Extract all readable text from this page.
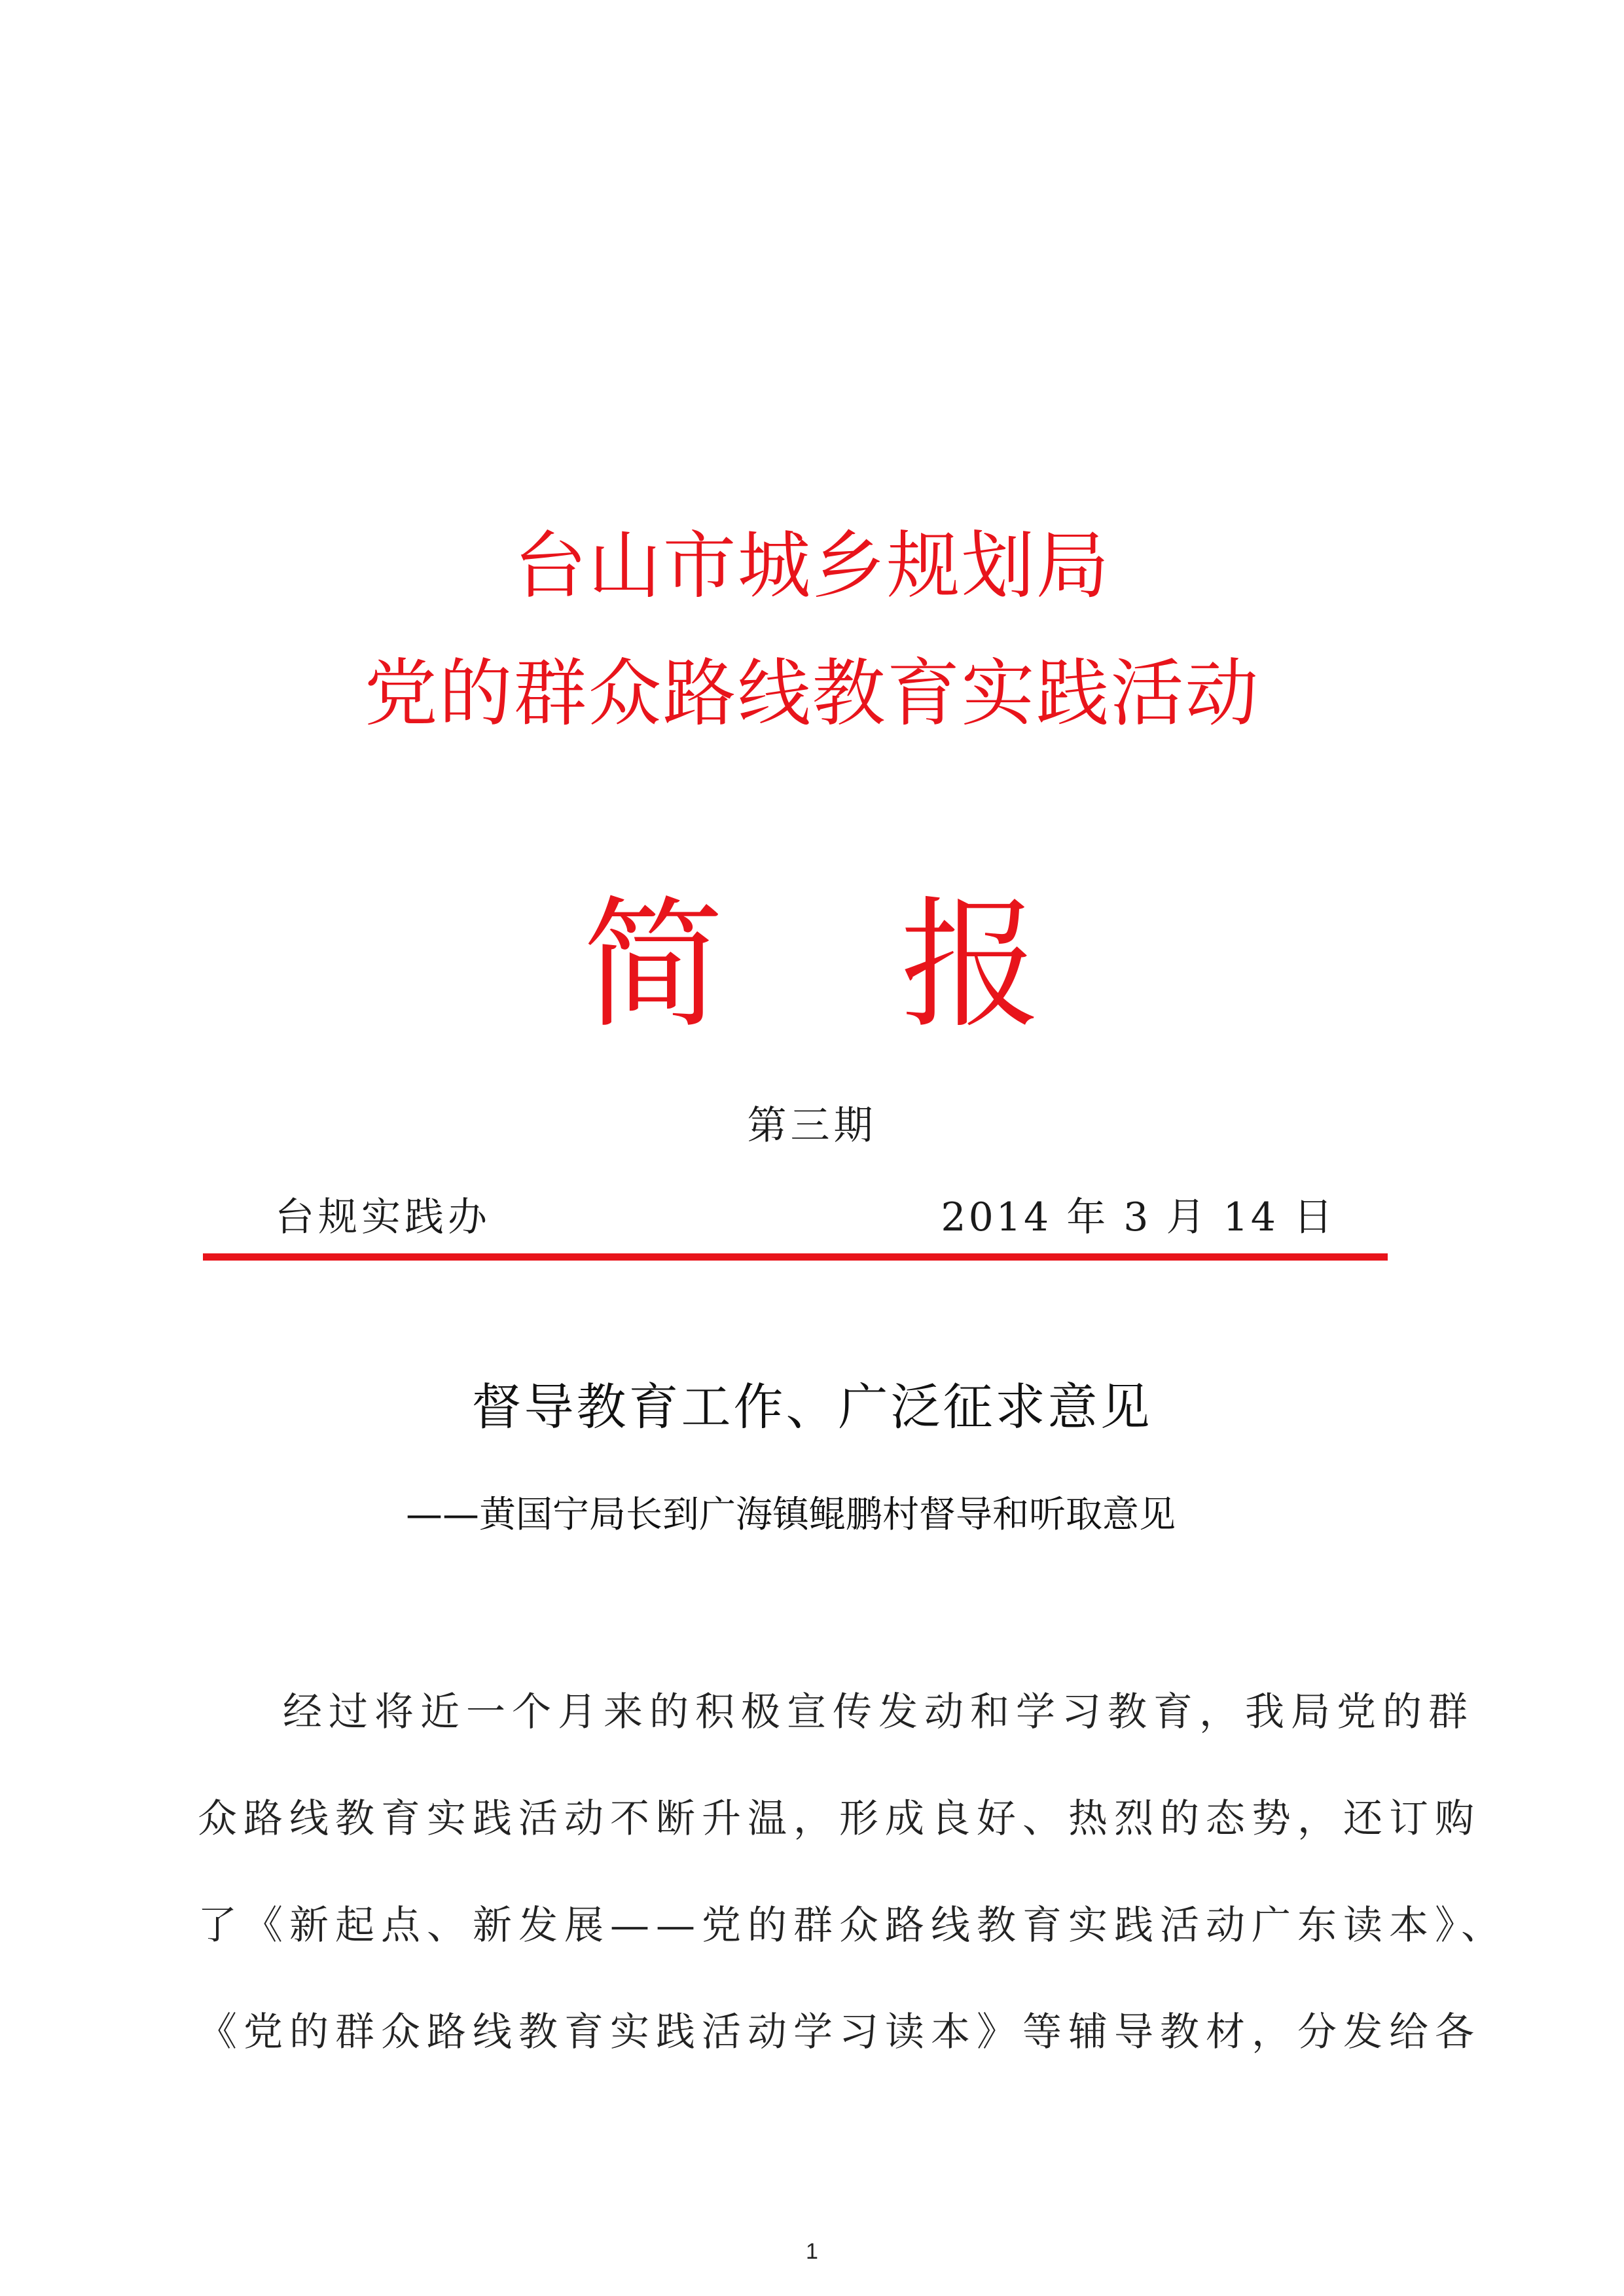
台山市城乡规划局
党的群众路线教育实践活动
简 报
第三期
台规实践办	2014 年 3 月 14 日
督导教育工作、广泛征求意见
——黄国宁局长到广海镇鲲鹏村督导和听取意见
经过将近一个月来的积极宣传发动和学习教育，我局党的群
众路线教育实践活动不断升温，形成良好、热烈的态势，还订购
了《新起点、新发展——党的群众路线教育实践活动广东读本》、
《党的群众路线教育实践活动学习读本》等辅导教材，分发给各
1
